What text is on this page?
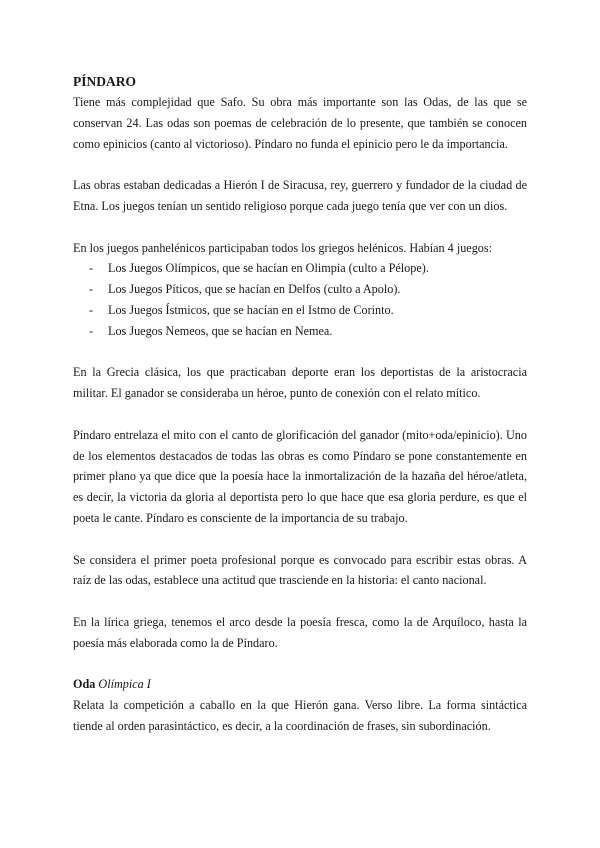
PÍNDARO

Tiene más complejidad que Safo. Su obra más importante son las Odas, de las que se conservan 24. Las odas son poemas de celebración de lo presente, que también se conocen como epinicios (canto al victorioso). Píndaro no funda el epinicio pero le da importancia.

Las obras estaban dedicadas a Hierón I de Siracusa, rey, guerrero y fundador de la ciudad de Etna. Los juegos tenían un sentido religioso porque cada juego tenía que ver con un dios.

En los juegos panhelénicos participaban todos los griegos helénicos. Habían 4 juegos:

- Los Juegos Olímpicos, que se hacían en Olimpia (culto a Pélope).
- Los Juegos Píticos, que se hacían en Delfos (culto a Apolo).
- Los Juegos Ístmicos, que se hacían en el Istmo de Corinto.
- Los Juegos Nemeos, que se hacían en Nemea.

En la Grecia clásica, los que practicaban deporte eran los deportistas de la aristocracia militar. El ganador se consideraba un héroe, punto de conexión con el relato mítico.

Píndaro entrelaza el mito con el canto de glorificación del ganador (mito+oda/epinicio). Uno de los elementos destacados de todas las obras es como Píndaro se pone constantemente en primer plano ya que dice que la poesía hace la inmortalización de la hazaña del héroe/atleta, es decir, la victoria da gloria al deportista pero lo que hace que esa gloria perdure, es que el poeta le cante. Píndaro es consciente de la importancia de su trabajo.

Se considera el primer poeta profesional porque es convocado para escribir estas obras. A raíz de las odas, establece una actitud que trasciende en la historia: el canto nacional.

En la lírica griega, tenemos el arco desde la poesía fresca, como la de Arquíloco, hasta la poesía más elaborada como la de Píndaro.

Oda Olímpica I

Relata la competición a caballo en la que Hierón gana. Verso libre. La forma sintáctica tiende al orden parasintáctico, es decir, a la coordinación de frases, sin subordinación.
